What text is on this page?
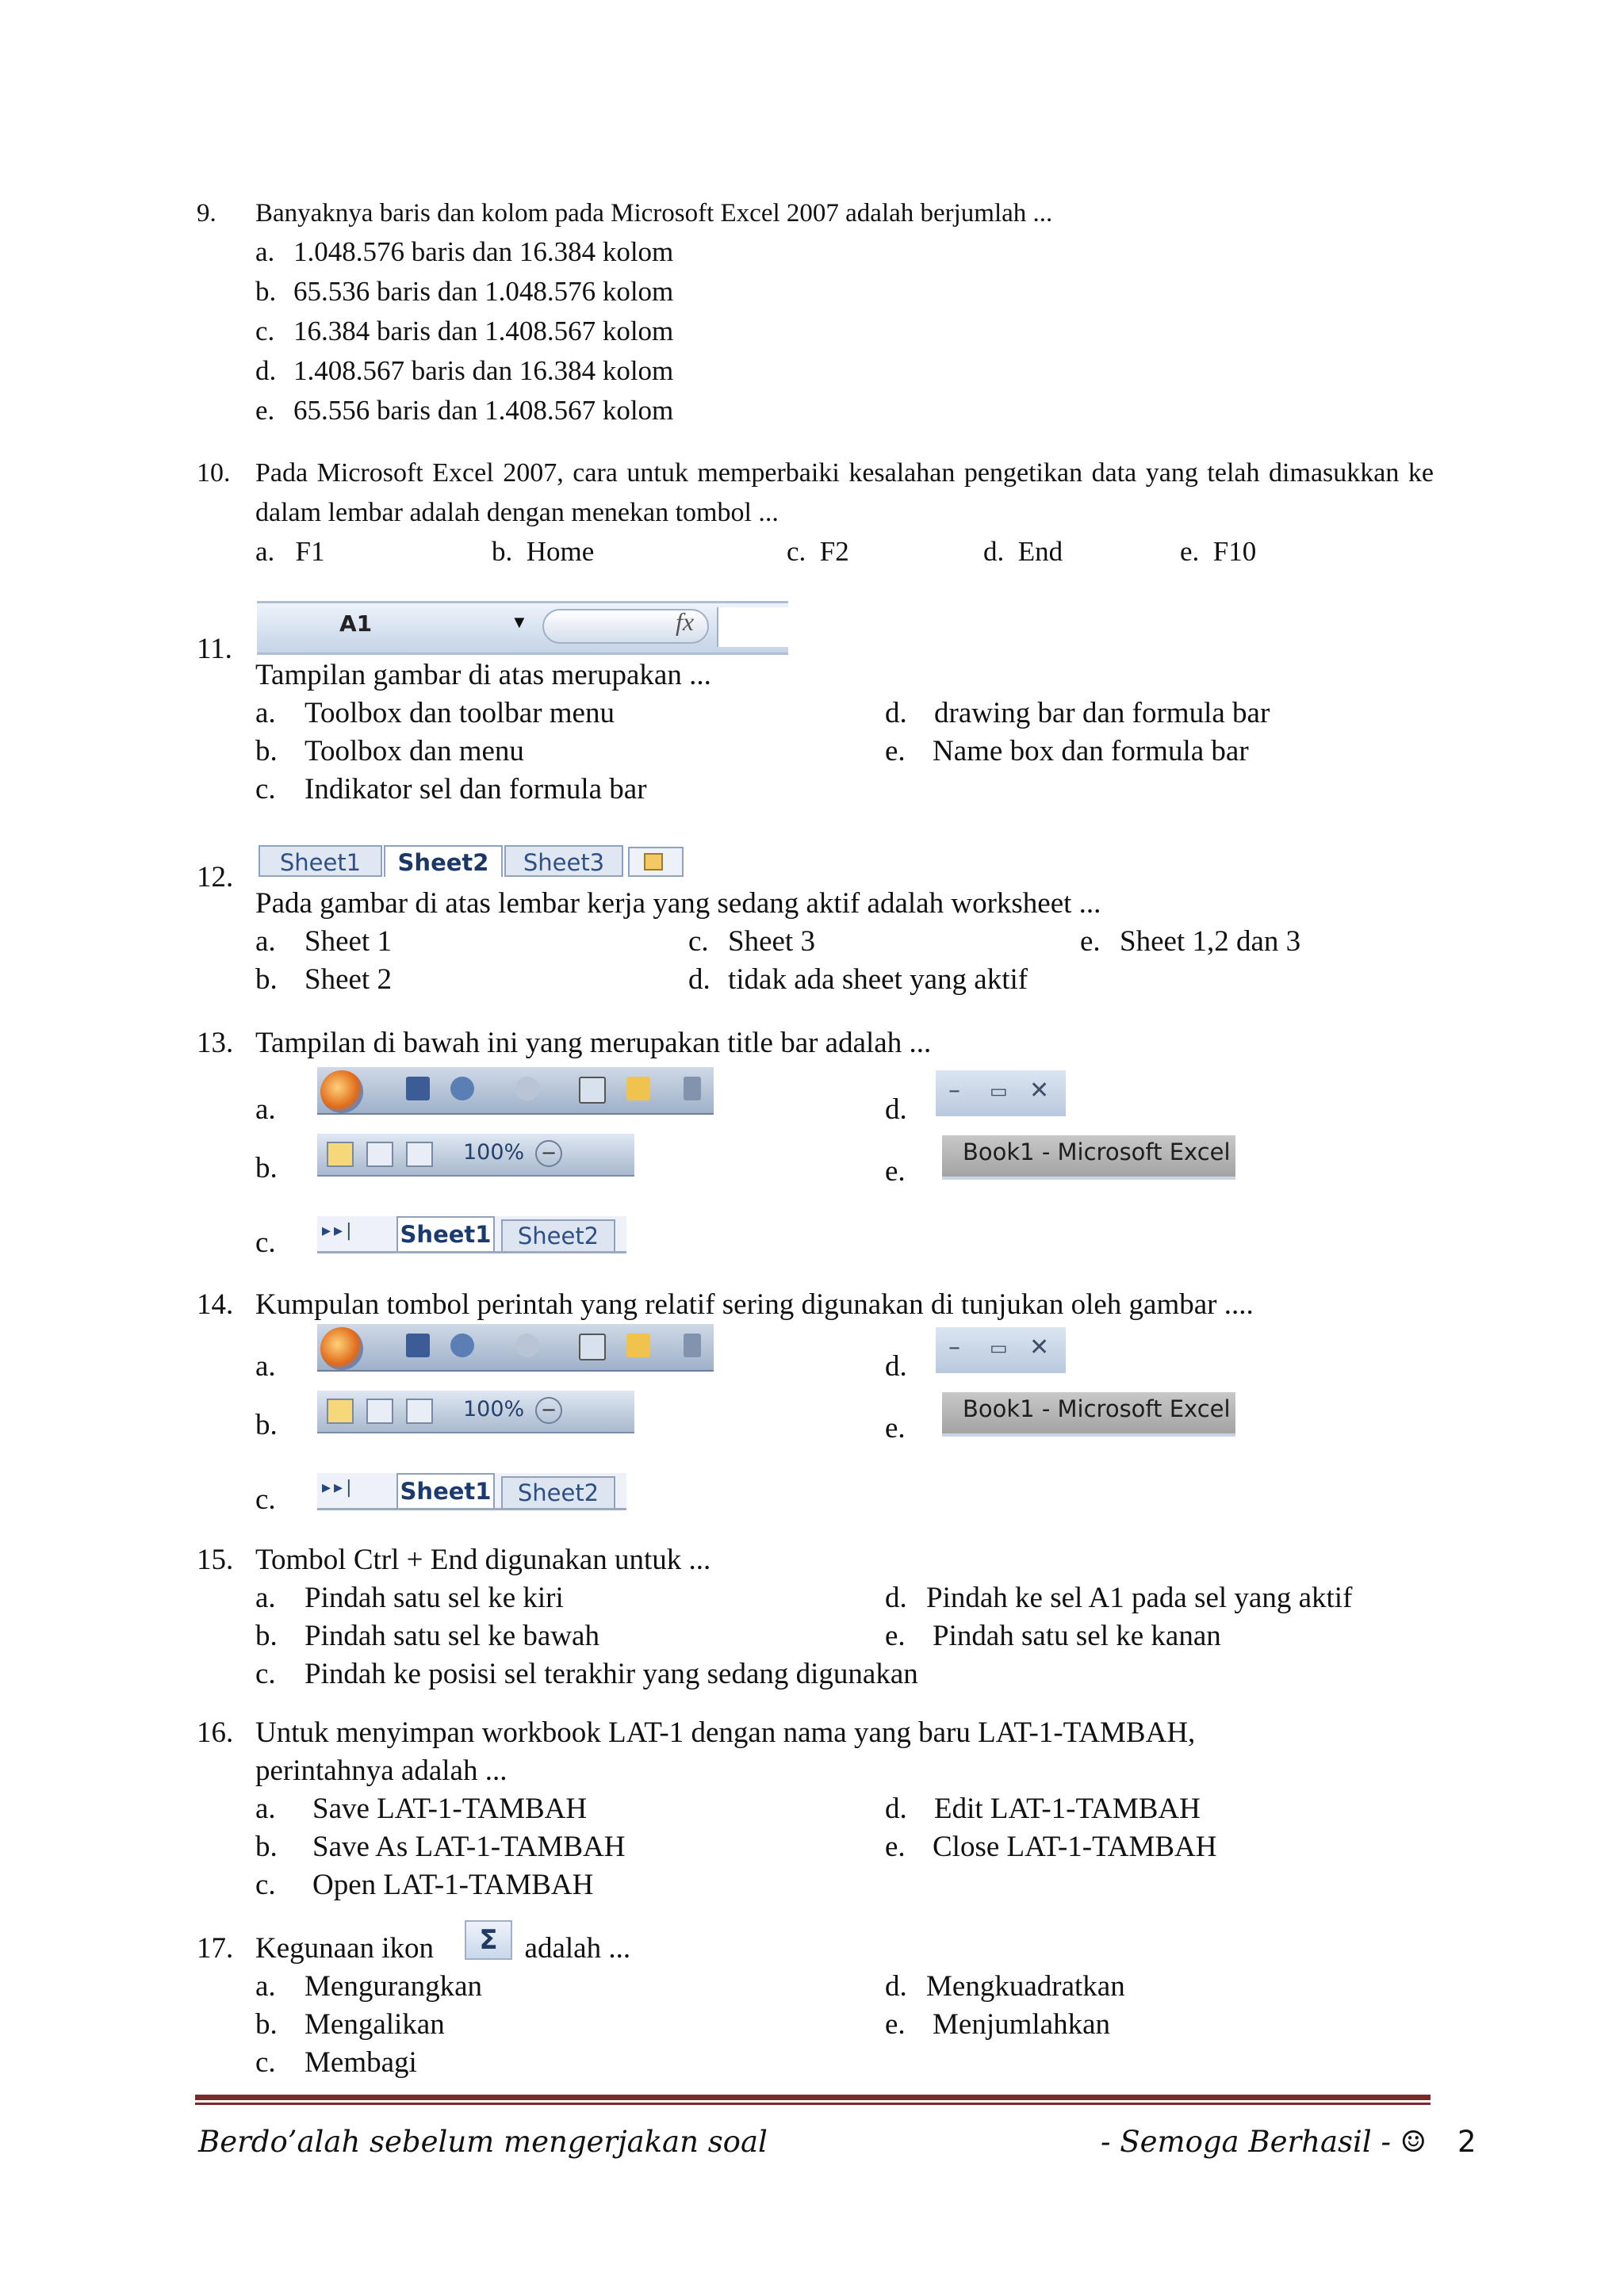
9. Banyaknya baris dan kolom pada Microsoft Excel 2007 adalah berjumlah ...
a. 1.048.576 baris dan 16.384 kolom
b. 65.536 baris dan 1.048.576 kolom
c. 16.384 baris dan 1.408.567 kolom
d. 1.408.567 baris dan 16.384 kolom
e. 65.556 baris dan 1.408.567 kolom
10. Pada Microsoft Excel 2007, cara untuk memperbaiki kesalahan pengetikan data yang telah dimasukkan ke dalam lembar adalah dengan menekan tombol ...
a. F1	b. Home	c. F2	d. End	e. F10
A1	▼	fx
11.
Tampilan gambar di atas merupakan ...
a. Toolbox dan toolbar menu	d. drawing bar dan formula bar
b. Toolbox dan menu	e. Name box dan formula bar
c. Indikator sel dan formula bar
Sheet1	Sheet2	Sheet3
12.
Pada gambar di atas lembar kerja yang sedang aktif adalah worksheet ...
a. Sheet 1	c. Sheet 3	e. Sheet 1,2 dan 3
b. Sheet 2	d. tidak ada sheet yang aktif
13. Tampilan di bawah ini yang merupakan title bar adalah ...
a.
b.
c.
d.
e.
100% −
▸▸| Sheet1	Sheet2
– ▭ ✕
Book1 - Microsoft Excel
14. Kumpulan tombol perintah yang relatif sering digunakan di tunjukan oleh gambar ....
a.
b.
c.
d.
e.
100% −
▸▸| Sheet1	Sheet2
– ▭ ✕
Book1 - Microsoft Excel
15. Tombol Ctrl + End digunakan untuk ...
a. Pindah satu sel ke kiri	d. Pindah ke sel A1 pada sel yang aktif
b. Pindah satu sel ke bawah	e. Pindah satu sel ke kanan
c. Pindah ke posisi sel terakhir yang sedang digunakan
16. Untuk menyimpan workbook LAT-1 dengan nama yang baru LAT-1-TAMBAH, perintahnya adalah ...
a. Save LAT-1-TAMBAH	d. Edit LAT-1-TAMBAH
b. Save As LAT-1-TAMBAH	e. Close LAT-1-TAMBAH
c. Open LAT-1-TAMBAH
17. Kegunaan ikon	adalah ...
Σ
a. Mengurangkan	d. Mengkuadratkan
b. Mengalikan	e. Menjumlahkan
c. Membagi
Berdo’alah sebelum mengerjakan soal	- Semoga Berhasil - ☺ 2
